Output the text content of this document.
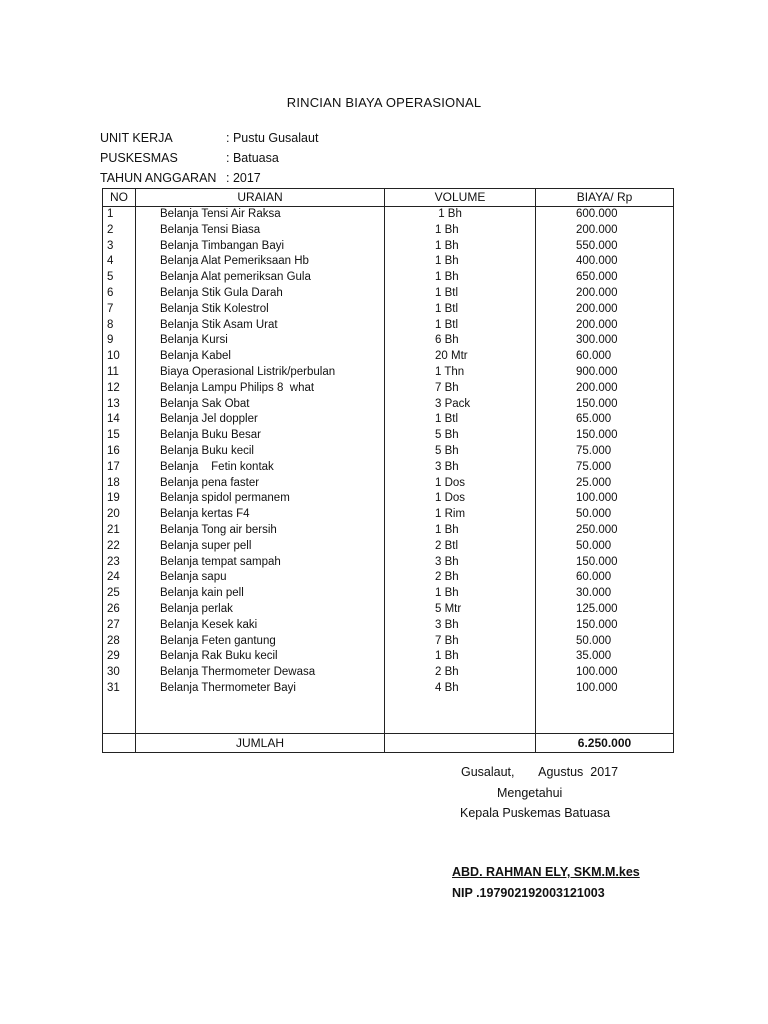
RINCIAN BIAYA OPERASIONAL
UNIT KERJA	: Pustu Gusalaut
PUSKESMAS	: Batuasa
TAHUN ANGGARAN : 2017
NO	URAIAN	VOLUME	BIAYA/ Rp
1	Belanja Tensi Air Raksa	1 Bh	600.000
2	Belanja Tensi Biasa	1 Bh	200.000
3	Belanja Timbangan Bayi	1 Bh	550.000
4	Belanja Alat Pemeriksaan Hb	1 Bh	400.000
5	Belanja Alat pemeriksan Gula	1 Bh	650.000
6	Belanja Stik Gula Darah	1 Btl	200.000
7	Belanja Stik Kolestrol	1 Btl	200.000
8	Belanja Stik Asam Urat	1 Btl	200.000
9	Belanja Kursi	6 Bh	300.000
10	Belanja Kabel	20 Mtr	60.000
11	Biaya Operasional Listrik/perbulan	1 Thn	900.000
12	Belanja Lampu Philips 8  what	7 Bh	200.000
13	Belanja Sak Obat	3 Pack	150.000
14	Belanja Jel doppler	1 Btl	65.000
15	Belanja Buku Besar	5 Bh	150.000
16	Belanja Buku kecil	5 Bh	75.000
17	Belanja    Fetin kontak	3 Bh	75.000
18	Belanja pena faster	1 Dos	25.000
19	Belanja spidol permanem	1 Dos	100.000
20	Belanja kertas F4	1 Rim	50.000
21	Belanja Tong air bersih	1 Bh	250.000
22	Belanja super pell	2 Btl	50.000
23	Belanja tempat sampah	3 Bh	150.000
24	Belanja sapu	2 Bh	60.000
25	Belanja kain pell	1 Bh	30.000
26	Belanja perlak	5 Mtr	125.000
27	Belanja Kesek kaki	3 Bh	150.000
28	Belanja Feten gantung	7 Bh	50.000
29	Belanja Rak Buku kecil	1 Bh	35.000
30	Belanja Thermometer Dewasa	2 Bh	100.000
31	Belanja Thermometer Bayi	4 Bh	100.000

	JUMLAH		6.250.000
Gusalaut,       Agustus  2017
Mengetahui
Kepala Puskemas Batuasa
ABD. RAHMAN ELY, SKM.M.kes
NIP .197902192003121003
